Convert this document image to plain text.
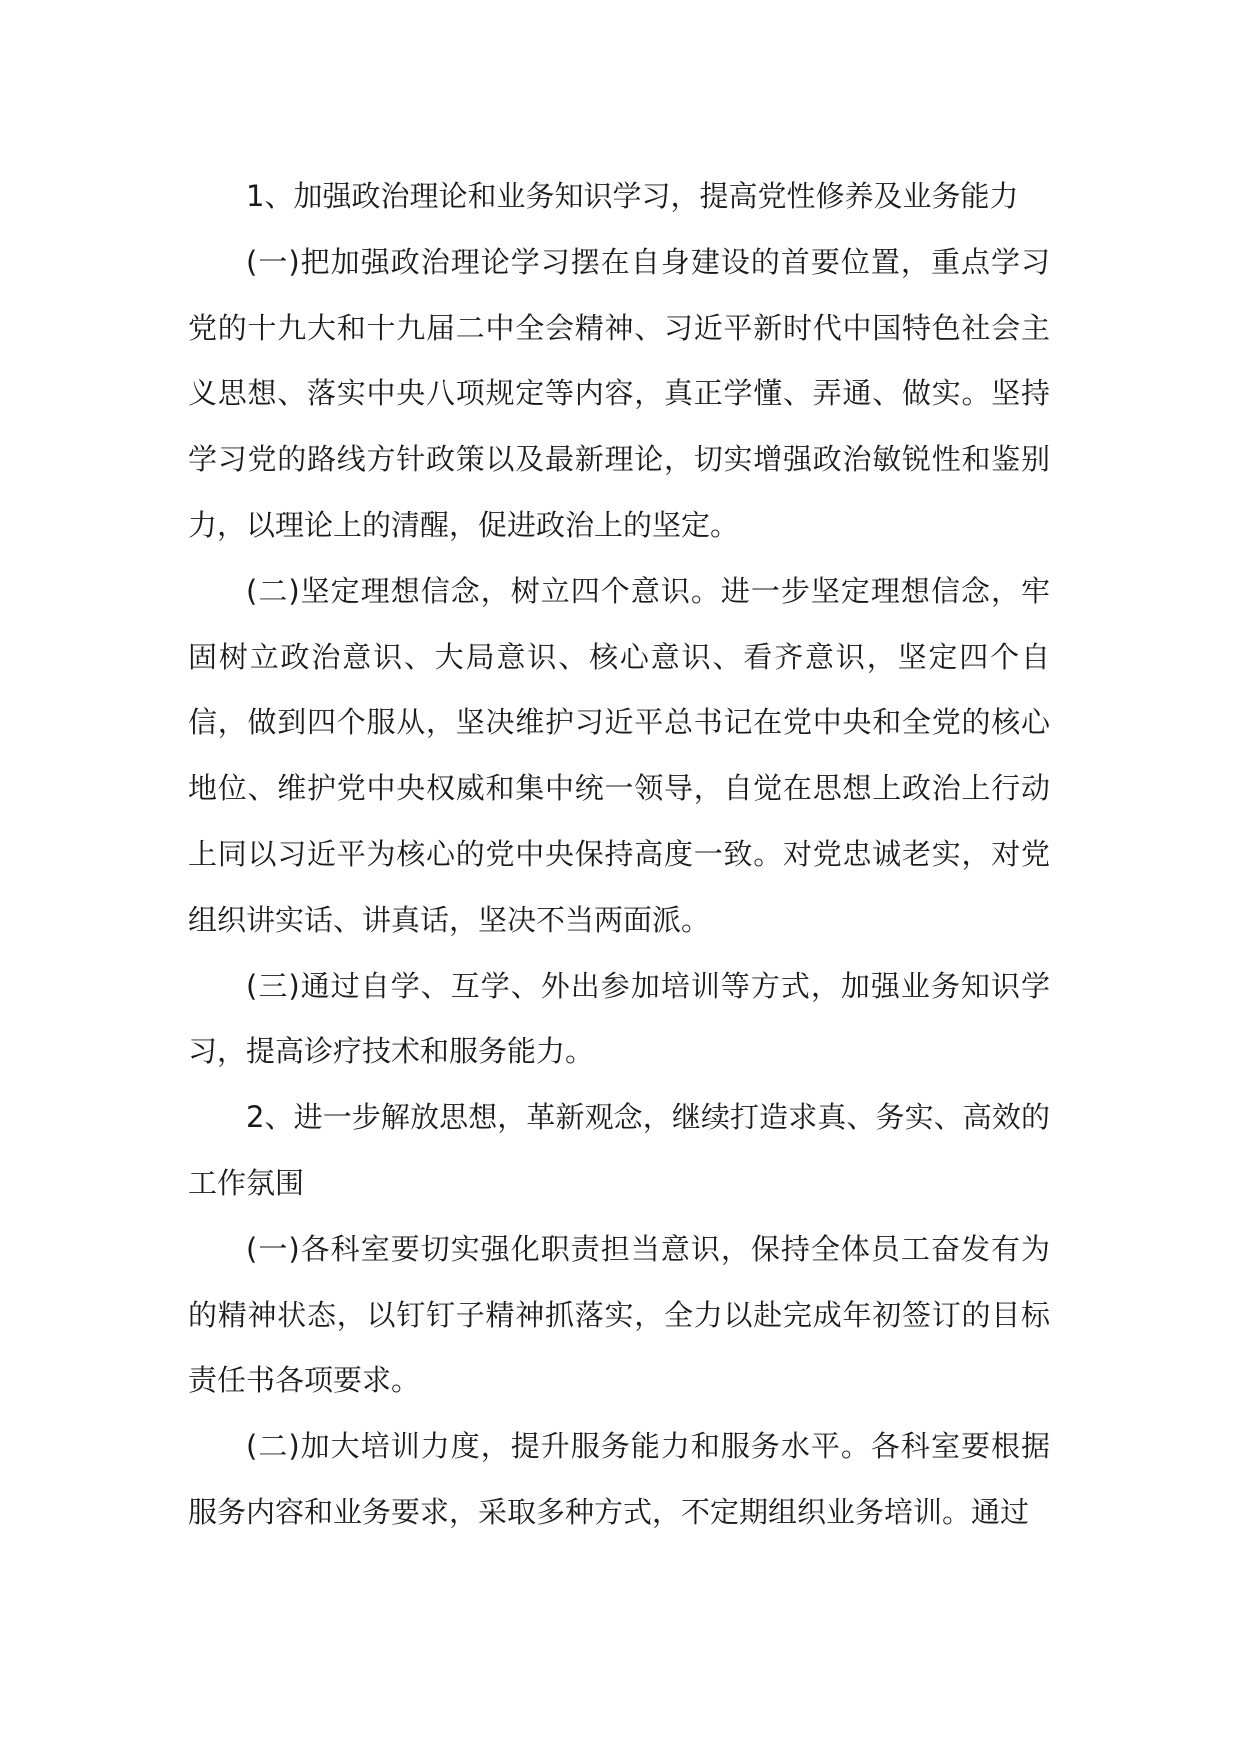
1、加强政治理论和业务知识学习，提高党性修养及业务能力

(一)把加强政治理论学习摆在自身建设的首要位置，重点学习党的十九大和十九届二中全会精神、习近平新时代中国特色社会主义思想、落实中央八项规定等内容，真正学懂、弄通、做实。坚持学习党的路线方针政策以及最新理论，切实增强政治敏锐性和鉴别力，以理论上的清醒，促进政治上的坚定。

(二)坚定理想信念，树立四个意识。进一步坚定理想信念，牢固树立政治意识、大局意识、核心意识、看齐意识，坚定四个自信，做到四个服从，坚决维护习近平总书记在党中央和全党的核心地位、维护党中央权威和集中统一领导，自觉在思想上政治上行动上同以习近平为核心的党中央保持高度一致。对党忠诚老实，对党组织讲实话、讲真话，坚决不当两面派。

(三)通过自学、互学、外出参加培训等方式，加强业务知识学习，提高诊疗技术和服务能力。

2、进一步解放思想，革新观念，继续打造求真、务实、高效的工作氛围

(一)各科室要切实强化职责担当意识，保持全体员工奋发有为的精神状态，以钉钉子精神抓落实，全力以赴完成年初签订的目标责任书各项要求。

(二)加大培训力度，提升服务能力和服务水平。各科室要根据服务内容和业务要求，采取多种方式，不定期组织业务培训。通过
